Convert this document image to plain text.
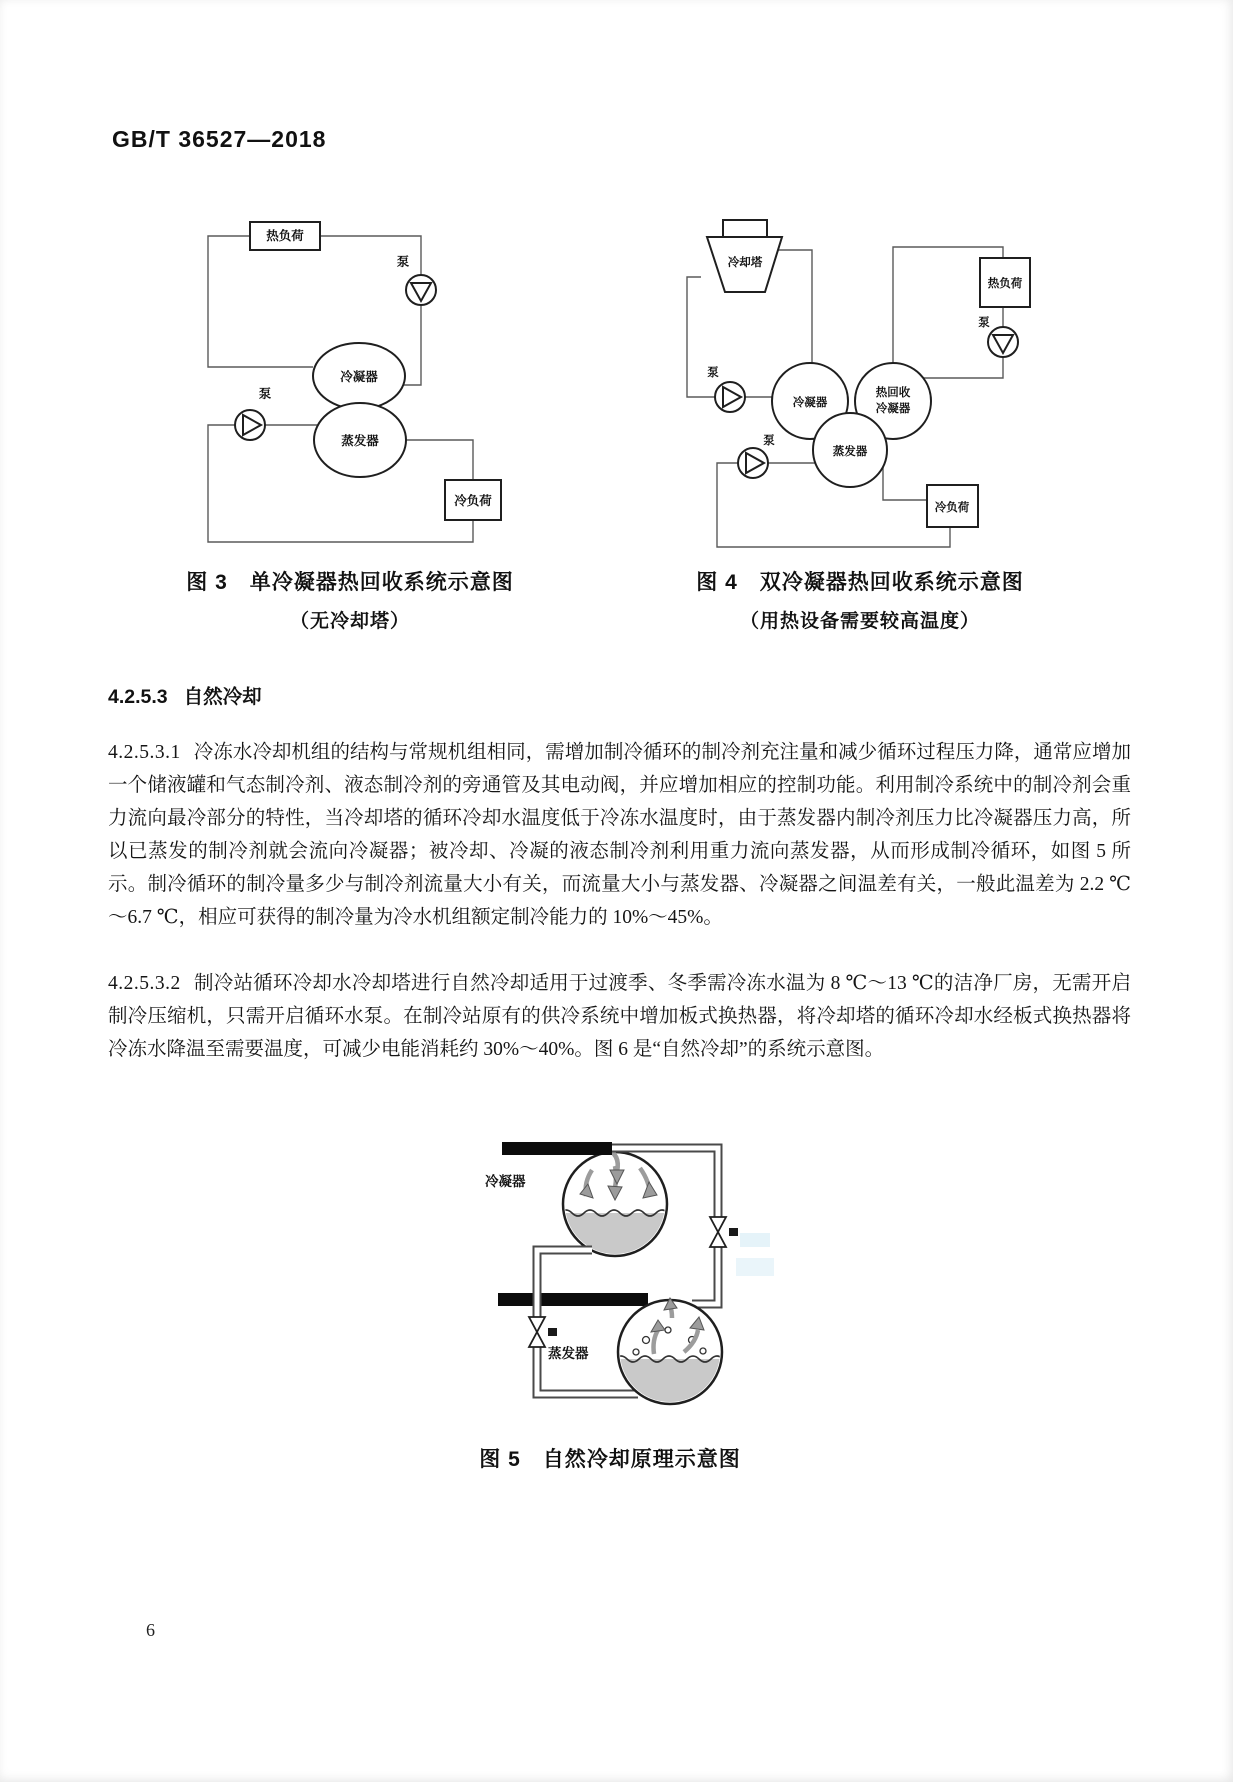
GB/T 36527—2018
热负荷
泵
冷凝器
蒸发器
泵
冷负荷
图 3　单冷凝器热回收系统示意图
（无冷却塔）
冷却塔
泵
冷凝器
热回收
冷凝器
蒸发器
热负荷
泵
泵
冷负荷
图 4　双冷凝器热回收系统示意图
（用热设备需要较高温度）
4.2.5.3 自然冷却
4.2.5.3.1 冷冻水冷却机组的结构与常规机组相同，需增加制冷循环的制冷剂充注量和减少循环过程压力降，通常应增加一个储液罐和气态制冷剂、液态制冷剂的旁通管及其电动阀，并应增加相应的控制功能。利用制冷系统中的制冷剂会重力流向最冷部分的特性，当冷却塔的循环冷却水温度低于冷冻水温度时，由于蒸发器内制冷剂压力比冷凝器压力高，所以已蒸发的制冷剂就会流向冷凝器；被冷却、冷凝的液态制冷剂利用重力流向蒸发器，从而形成制冷循环，如图 5 所示。制冷循环的制冷量多少与制冷剂流量大小有关，而流量大小与蒸发器、冷凝器之间温差有关，一般此温差为 2.2 ℃～6.7 ℃，相应可获得的制冷量为冷水机组额定制冷能力的 10%～45%。
4.2.5.3.2 制冷站循环冷却水冷却塔进行自然冷却适用于过渡季、冬季需冷冻水温为 8 ℃～13 ℃的洁净厂房，无需开启制冷压缩机，只需开启循环水泵。在制冷站原有的供冷系统中增加板式换热器，将冷却塔的循环冷却水经板式换热器将冷冻水降温至需要温度，可减少电能消耗约 30%～40%。图 6 是“自然冷却”的系统示意图。
冷凝器
蒸发器
图 5　自然冷却原理示意图
6
